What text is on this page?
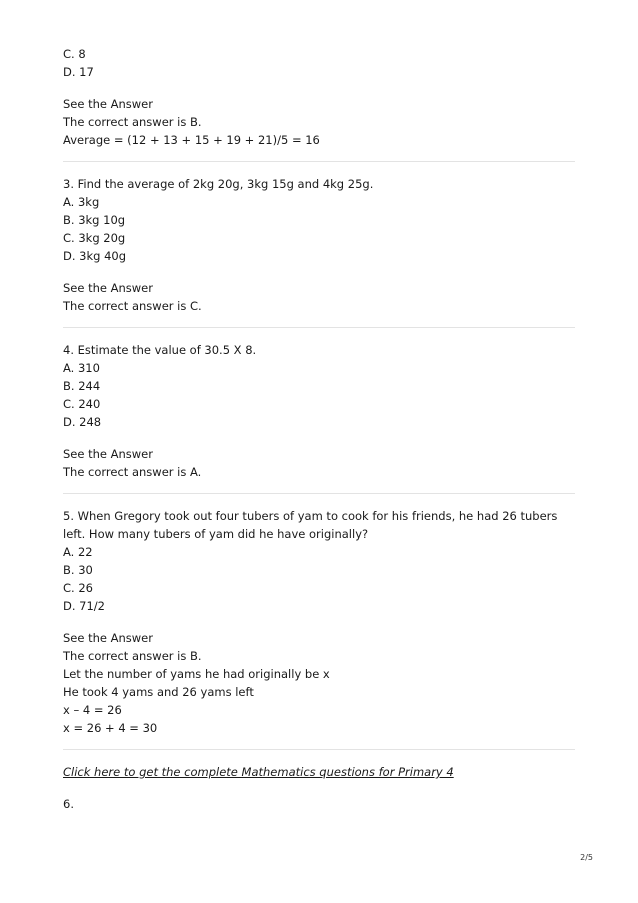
C. 8
D. 17
See the Answer
The correct answer is B.
Average = (12 + 13 + 15 + 19 + 21)/5 = 16
3. Find the average of 2kg 20g, 3kg 15g and 4kg 25g.
A. 3kg
B. 3kg 10g
C. 3kg 20g
D. 3kg 40g
See the Answer
The correct answer is C.
4. Estimate the value of 30.5 X 8.
A. 310
B. 244
C. 240
D. 248
See the Answer
The correct answer is A.
5. When Gregory took out four tubers of yam to cook for his friends, he had 26 tubers
left. How many tubers of yam did he have originally?
A. 22
B. 30
C. 26
D. 71/2
See the Answer
The correct answer is B.
Let the number of yams he had originally be x
He took 4 yams and 26 yams left
x – 4 = 26
x = 26 + 4 = 30
Click here to get the complete Mathematics questions for Primary 4
6.
2/5
